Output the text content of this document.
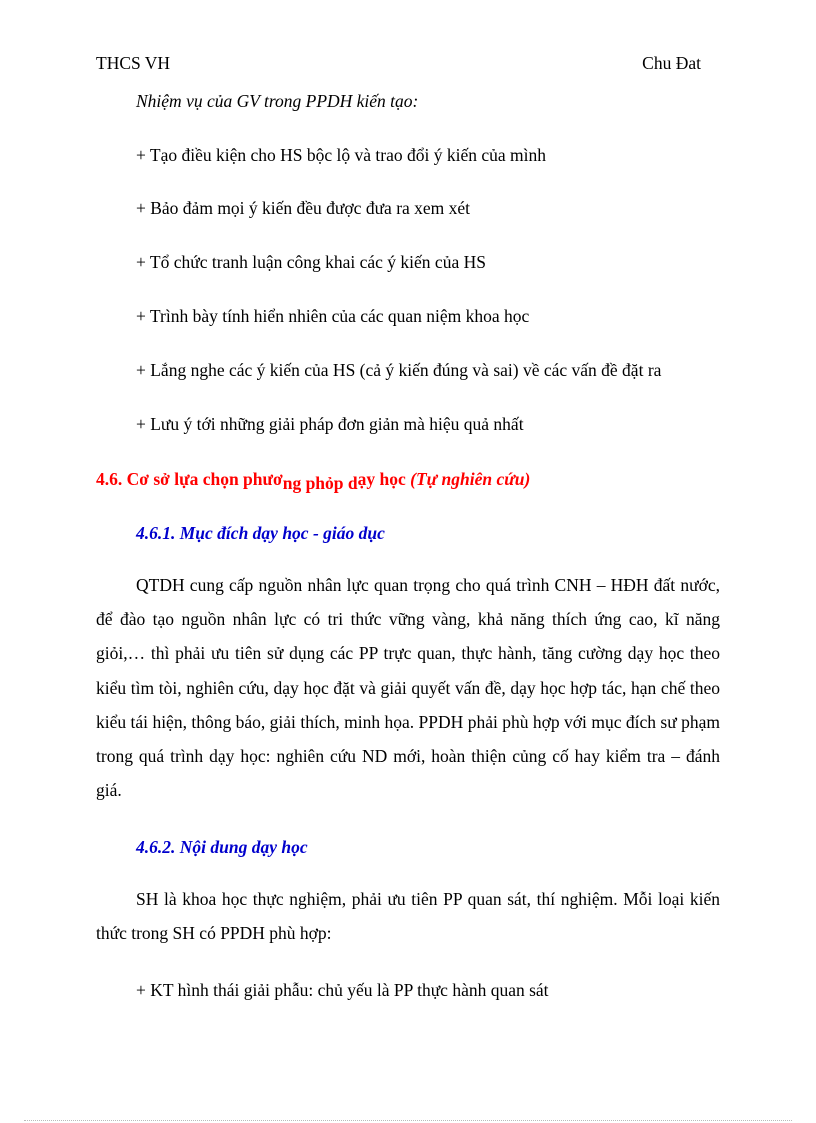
THCS VH	Chu Đat
Nhiệm vụ của GV trong PPDH kiến tạo:
+ Tạo điều kiện cho HS bộc lộ và trao đổi ý kiến của mình
+ Bảo đảm mọi ý kiến đều được đưa ra xem xét
+ Tổ chức tranh luận công khai các ý kiến của HS
+ Trình bày tính hiển nhiên của các quan niệm khoa học
+ Lắng nghe các ý kiến của HS (cả ý kiến đúng và sai) về các vấn đề đặt ra
+ Lưu ý tới những giải pháp đơn giản mà hiệu quả nhất
4.6. Cơ sở lựa chọn phương phỏp dạy học (Tự nghiên cứu)
4.6.1. Mục đích dạy học - giáo dục

QTDH cung cấp nguồn nhân lực quan trọng cho quá trình CNH – HĐH đất nước, để đào tạo nguồn nhân lực có tri thức vững vàng, khả năng thích ứng cao, kĩ năng giỏi,… thì phải ưu tiên sử dụng các PP trực quan, thực hành, tăng cường dạy học theo kiểu tìm tòi, nghiên cứu, dạy học đặt và giải quyết vấn đề, dạy học hợp tác, hạn chế theo kiểu tái hiện, thông báo, giải thích, minh họa. PPDH phải phù hợp với mục đích sư phạm trong quá trình dạy học: nghiên cứu ND mới, hoàn thiện củng cố hay kiểm tra – đánh giá.

4.6.2. Nội dung dạy học

SH là khoa học thực nghiệm, phải ưu tiên PP quan sát, thí nghiệm. Mỗi loại kiến thức trong SH có PPDH phù hợp:

+ KT hình thái giải phẫu: chủ yếu là PP thực hành quan sát
